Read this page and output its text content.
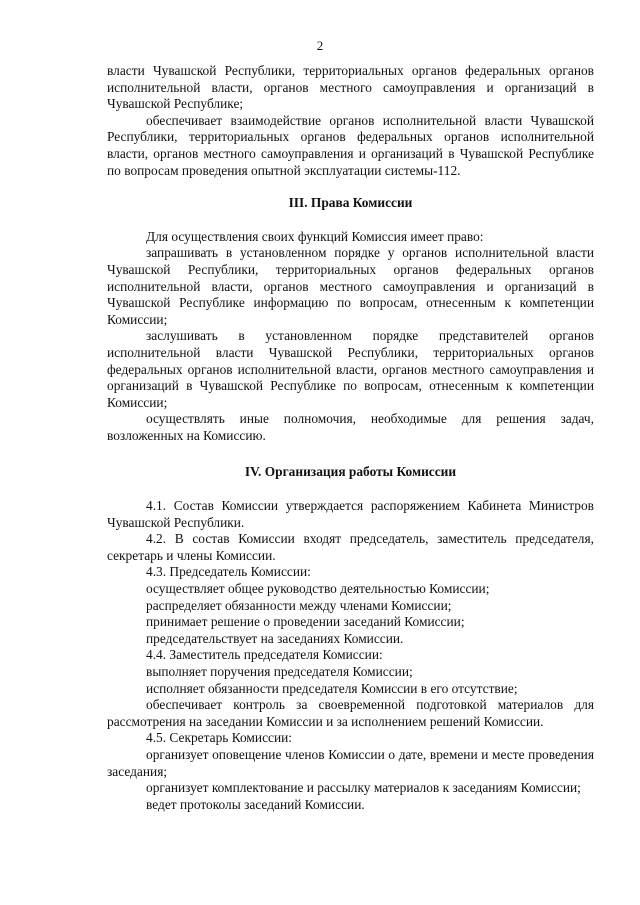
2

власти Чувашской Республики, территориальных органов федеральных органов исполнительной власти, органов местного самоуправления и организаций в Чувашской Республике;

обеспечивает взаимодействие органов исполнительной власти Чувашской Республики, территориальных органов федеральных органов исполнительной власти, органов местного самоуправления и организаций в Чувашской Республике по вопросам проведения опытной эксплуатации системы-112.

III. Права Комиссии

Для осуществления своих функций Комиссия имеет право:

запрашивать в установленном порядке у органов исполнительной власти Чувашской Республики, территориальных органов федеральных органов исполнительной власти, органов местного самоуправления и организаций в Чувашской Республике информацию по вопросам, отнесенным к компетенции Комиссии;

заслушивать в установленном порядке представителей органов исполнительной власти Чувашской Республики, территориальных органов федеральных органов исполнительной власти, органов местного самоуправления и организаций в Чувашской Республике по вопросам, отнесенным к компетенции Комиссии;

осуществлять иные полномочия, необходимые для решения задач, возложенных на Комиссию.

IV. Организация работы Комиссии

4.1. Состав Комиссии утверждается распоряжением Кабинета Министров Чувашской Республики.

4.2. В состав Комиссии входят председатель, заместитель председателя, секретарь и члены Комиссии.

4.3. Председатель Комиссии:

осуществляет общее руководство деятельностью Комиссии;

распределяет обязанности между членами Комиссии;

принимает решение о проведении заседаний Комиссии;

председательствует на заседаниях Комиссии.

4.4. Заместитель председателя Комиссии:

выполняет поручения председателя Комиссии;

исполняет обязанности председателя Комиссии в его отсутствие;

обеспечивает контроль за своевременной подготовкой материалов для рассмотрения на заседании Комиссии и за исполнением решений Комиссии.

4.5. Секретарь Комиссии:

организует оповещение членов Комиссии о дате, времени и месте проведения заседания;

организует комплектование и рассылку материалов к заседаниям Комиссии;

ведет протоколы заседаний Комиссии.
